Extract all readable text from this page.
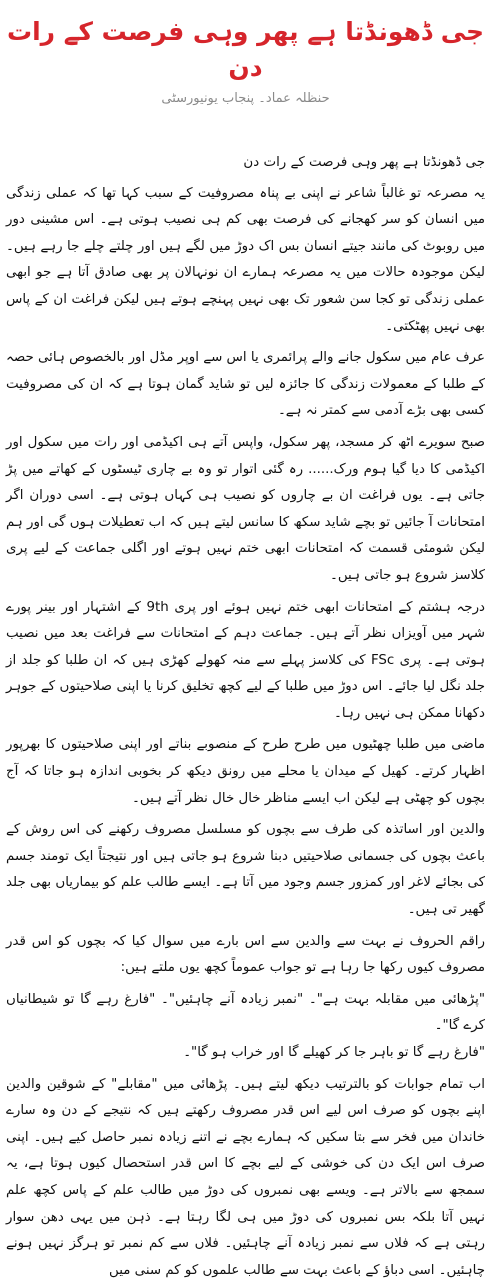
جی ڈھونڈتا ہے پھر وہی فرصت کے رات دن
حنظلہ عماد۔ پنجاب یونیورسٹی

جی ڈھونڈتا ہے پھر وہی فرصت کے رات دن

یہ مصرعہ تو غالباً شاعر نے اپنی بے پناہ مصروفیت کے سبب کہا تھا کہ عملی زندگی میں انسان کو سر کھجانے کی فرصت بھی کم ہی نصیب ہوتی ہے۔ اس مشینی دور میں روبوٹ کی مانند جیتے انسان بس اک دوڑ میں لگے ہیں اور چلتے چلے جا رہے ہیں۔ لیکن موجودہ حالات میں یہ مصرعہ ہمارے ان نونہالان پر بھی صادق آتا ہے جو ابھی عملی زندگی تو کجا سن شعور تک بھی نہیں پہنچے ہوتے ہیں لیکن فراغت ان کے پاس بھی نہیں پھٹکتی۔

عرف عام میں سکول جانے والے پرائمری یا اس سے اوپر مڈل اور بالخصوص ہائی حصہ کے طلبا کے معمولات زندگی کا جائزہ لیں تو شاید گمان ہوتا ہے کہ ان کی مصروفیت کسی بھی بڑے آدمی سے کمتر نہ ہے۔

صبح سویرے اٹھ کر مسجد، پھر سکول، واپس آتے ہی اکیڈمی اور رات میں سکول اور اکیڈمی کا دیا گیا ہوم ورک...... رہ گئی اتوار تو وہ بے چاری ٹیسٹوں کے کھاتے میں پڑ جاتی ہے۔ یوں فراغت ان بے چاروں کو نصیب ہی کہاں ہوتی ہے۔ اسی دوران اگر امتحانات آ جائیں تو بچے شاید سکھ کا سانس لیتے ہیں کہ اب تعطیلات ہوں گی اور ہم لیکن شومئی قسمت کہ امتحانات ابھی ختم نہیں ہوتے اور اگلی جماعت کے لیے پری کلاسز شروع ہو جاتی ہیں۔

درجہ ہشتم کے امتحانات ابھی ختم نہیں ہوئے اور پری 9th کے اشتہار اور بینر پورے شہر میں آویزاں نظر آتے ہیں۔ جماعت دہم کے امتحانات سے فراغت بعد میں نصیب ہوتی ہے۔ پری FSc کی کلاسز پہلے سے منہ کھولے کھڑی ہیں کہ ان طلبا کو جلد از جلد نگل لیا جائے۔ اس دوڑ میں طلبا کے لیے کچھ تخلیق کرنا یا اپنی صلاحیتوں کے جوہر دکھانا ممکن ہی نہیں رہا۔

ماضی میں طلبا چھٹیوں میں طرح طرح کے منصوبے بناتے اور اپنی صلاحیتوں کا بھرپور اظہار کرتے۔ کھیل کے میدان یا محلے میں رونق دیکھ کر بخوبی اندازہ ہو جاتا کہ آج بچوں کو چھٹی ہے لیکن اب ایسے مناظر خال خال نظر آتے ہیں۔

والدین اور اساتذہ کی طرف سے بچوں کو مسلسل مصروف رکھنے کی اس روش کے باعث بچوں کی جسمانی صلاحیتیں دبنا شروع ہو جاتی ہیں اور نتیجتاً ایک تومند جسم کی بجائے لاغر اور کمزور جسم وجود میں آتا ہے۔ ایسے طالب علم کو بیماریاں بھی جلد گھیر تی ہیں۔

راقم الحروف نے بہت سے والدین سے اس بارے میں سوال کیا کہ بچوں کو اس قدر مصروف کیوں رکھا جا رہا ہے تو جواب عموماً کچھ یوں ملتے ہیں:

"پڑھائی میں مقابلہ بہت ہے"۔ "نمبر زیادہ آنے چاہئیں"۔ "فارغ رہے گا تو شیطانیاں کرے گا"۔

"فارغ رہے گا تو باہر جا کر کھیلے گا اور خراب ہو گا"۔

اب تمام جوابات کو بالترتیب دیکھ لیتے ہیں۔ پڑھائی میں "مقابلے" کے شوقین والدین اپنے بچوں کو صرف اس لیے اس قدر مصروف رکھتے ہیں کہ نتیجے کے دن وہ سارے خاندان میں فخر سے بتا سکیں کہ ہمارے بچے نے اتنے زیادہ نمبر حاصل کیے ہیں۔ اپنی صرف اس ایک دن کی خوشی کے لیے بچے کا اس قدر استحصال کیوں ہوتا ہے، یہ سمجھ سے بالاتر ہے۔ ویسے بھی نمبروں کی دوڑ میں طالب علم کے پاس کچھ علم نہیں آتا بلکہ بس نمبروں کی دوڑ میں ہی لگا رہتا ہے۔ ذہن میں یہی دھن سوار رہتی ہے کہ فلاں سے نمبر زیادہ آنے چاہئیں۔ فلاں سے کم نمبر تو ہرگز نہیں ہونے چاہئیں۔ اسی دباؤ کے باعث بہت سے طالب علموں کو کم سنی میں
